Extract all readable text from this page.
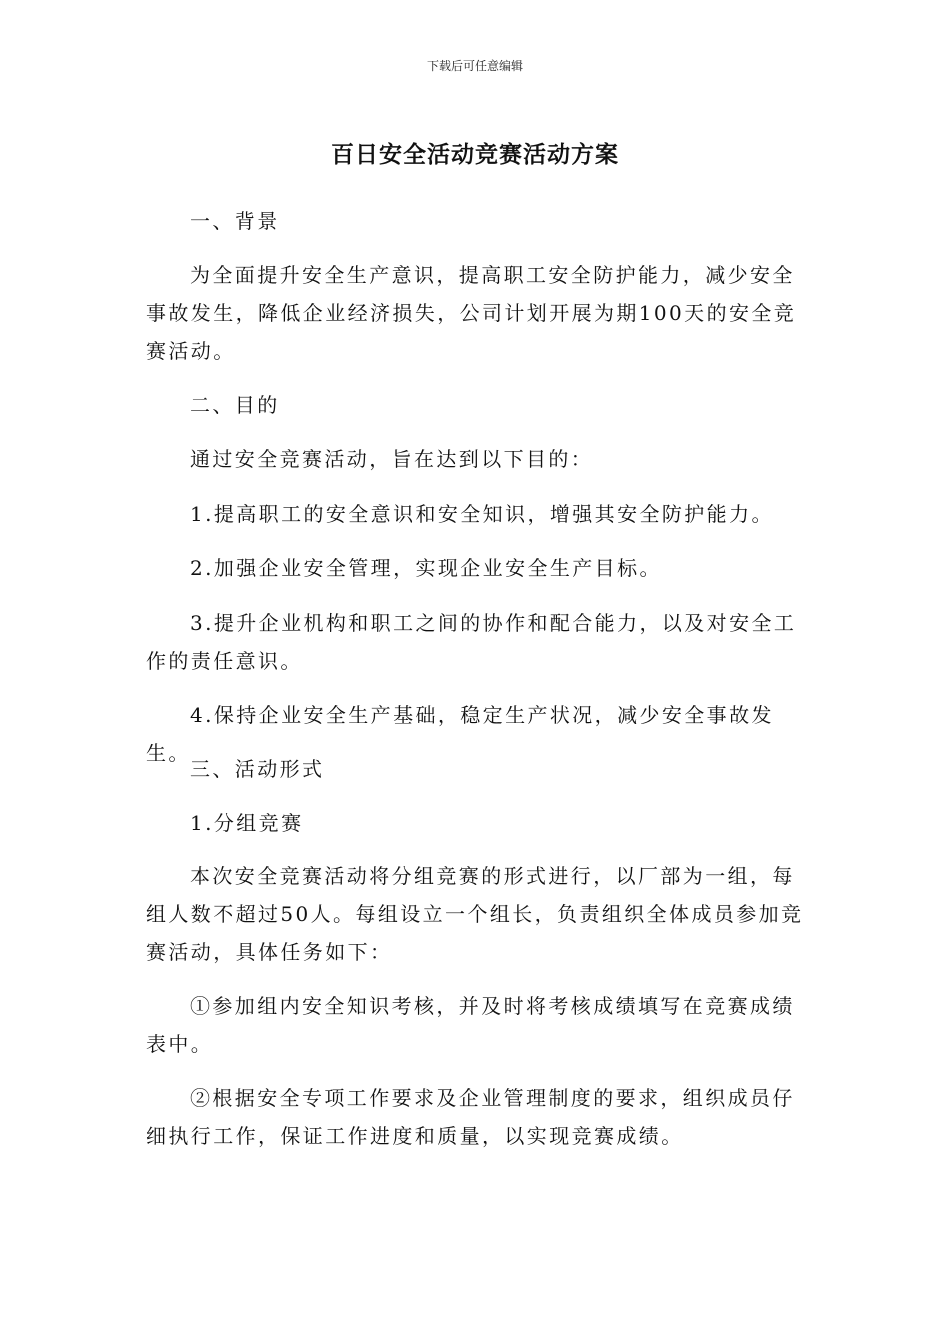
下载后可任意编辑
百日安全活动竞赛活动方案
一、背景
为全面提升安全生产意识，提高职工安全防护能力，减少安全事故发生，降低企业经济损失，公司计划开展为期100天的安全竞赛活动。
二、目的
通过安全竞赛活动，旨在达到以下目的：
1.提高职工的安全意识和安全知识，增强其安全防护能力。
2.加强企业安全管理，实现企业安全生产目标。
3.提升企业机构和职工之间的协作和配合能力，以及对安全工作的责任意识。
4.保持企业安全生产基础，稳定生产状况，减少安全事故发生。
三、活动形式
1.分组竞赛
本次安全竞赛活动将分组竞赛的形式进行，以厂部为一组，每组人数不超过50人。每组设立一个组长，负责组织全体成员参加竞赛活动，具体任务如下：
①参加组内安全知识考核，并及时将考核成绩填写在竞赛成绩表中。
②根据安全专项工作要求及企业管理制度的要求，组织成员仔细执行工作，保证工作进度和质量，以实现竞赛成绩。
